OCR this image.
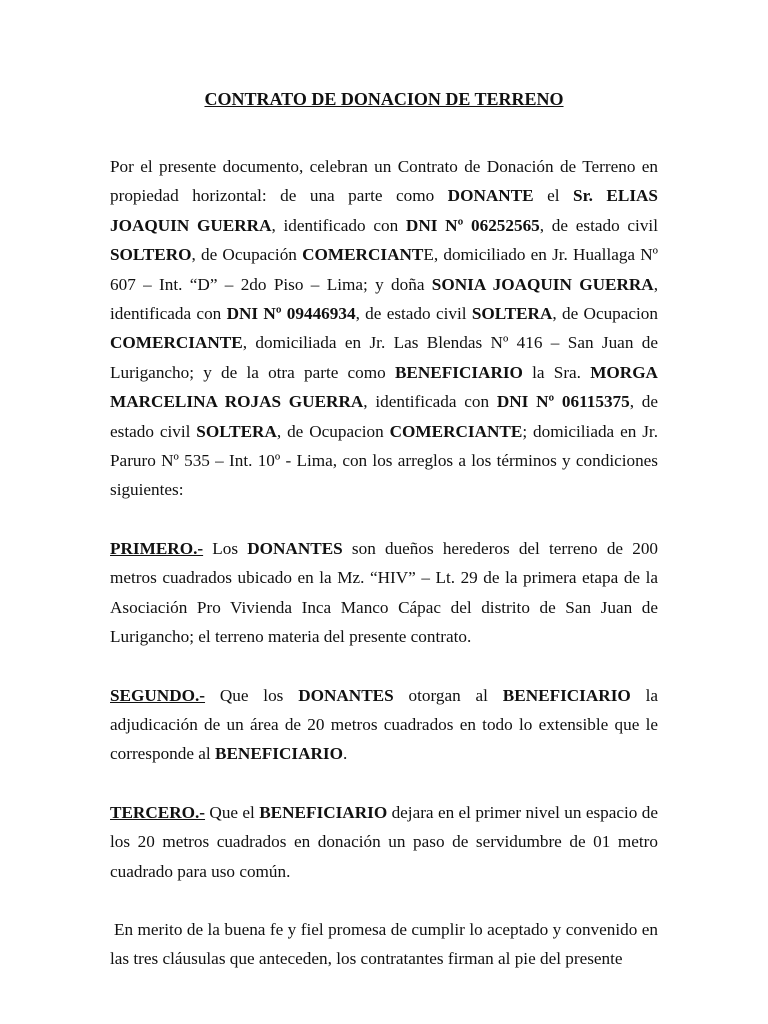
CONTRATO DE DONACION DE TERRENO

Por el presente documento, celebran un Contrato de Donación de Terreno en propiedad horizontal: de una parte como DONANTE el Sr. ELIAS JOAQUIN GUERRA, identificado con DNI Nº 06252565, de estado civil SOLTERO, de Ocupación COMERCIANTE, domiciliado en Jr. Huallaga Nº 607 – Int. “D” – 2do Piso – Lima; y doña SONIA JOAQUIN GUERRA, identificada con DNI Nº 09446934, de estado civil SOLTERA, de Ocupacion COMERCIANTE, domiciliada en Jr. Las Blendas Nº 416 – San Juan de Lurigancho; y de la otra parte como BENEFICIARIO la Sra. MORGA MARCELINA ROJAS GUERRA, identificada con DNI Nº 06115375, de estado civil SOLTERA, de Ocupacion COMERCIANTE; domiciliada en Jr. Paruro Nº 535 – Int. 10º - Lima, con los arreglos a los términos y condiciones siguientes:

PRIMERO.- Los DONANTES son dueños herederos del terreno de 200 metros cuadrados ubicado en la Mz. “HIV” – Lt. 29 de la primera etapa de la Asociación Pro Vivienda Inca Manco Cápac del distrito de San Juan de Lurigancho; el terreno materia del presente contrato.

SEGUNDO.- Que los DONANTES otorgan al BENEFICIARIO la adjudicación de un área de 20 metros cuadrados en todo lo extensible que le corresponde al BENEFICIARIO.

TERCERO.- Que el BENEFICIARIO dejara en el primer nivel un espacio de los 20 metros cuadrados en donación un paso de servidumbre de 01 metro cuadrado para uso común.

En merito de la buena fe y fiel promesa de cumplir lo aceptado y convenido en las tres cláusulas que anteceden, los contratantes firman al pie del presente
